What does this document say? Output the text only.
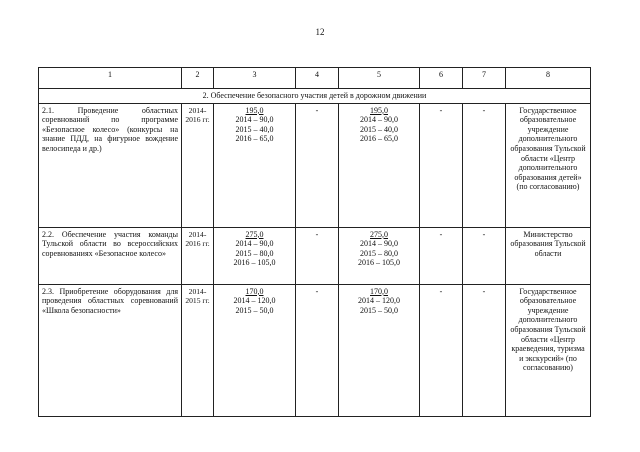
12
1	2	3	4	5	6	7	8
2. Обеспечение безопасного участия детей в дорожном движении							
2.1. Проведение областных соревнований по программе «Безопасное колесо» (конкурсы на знание ПДД, на фигурное вождение велосипеда и др.)	2014-
2016 гг.	195,0
2014 – 90,0
2015 – 40,0
2016 – 65,0	-	195,0
2014 – 90,0
2015 – 40,0
2016 – 65,0	-	-	Государственное образовательное учреждение дополнительного образования Тульской области «Центр дополнительного образования детей» (по согласованию)
2.2. Обеспечение участия команды Тульской области во всероссийских соревнованиях «Безопасное колесо»	2014-
2016 гг.	275,0
2014 – 90,0
2015 – 80,0
2016 – 105,0	-	275,0
2014 – 90,0
2015 – 80,0
2016 – 105,0	-	-	Министерство образования Тульской области
2.3. Приобретение оборудования для проведения областных соревнований «Школа безопасности»	2014-
2015 гг.	170,0
2014 – 120,0
2015 – 50,0	-	170,0
2014 – 120,0
2015 – 50,0	-	-	Государственное образовательное учреждение дополнительного образования Тульской области «Центр краеведения, туризма и экскурсий» (по согласованию)
